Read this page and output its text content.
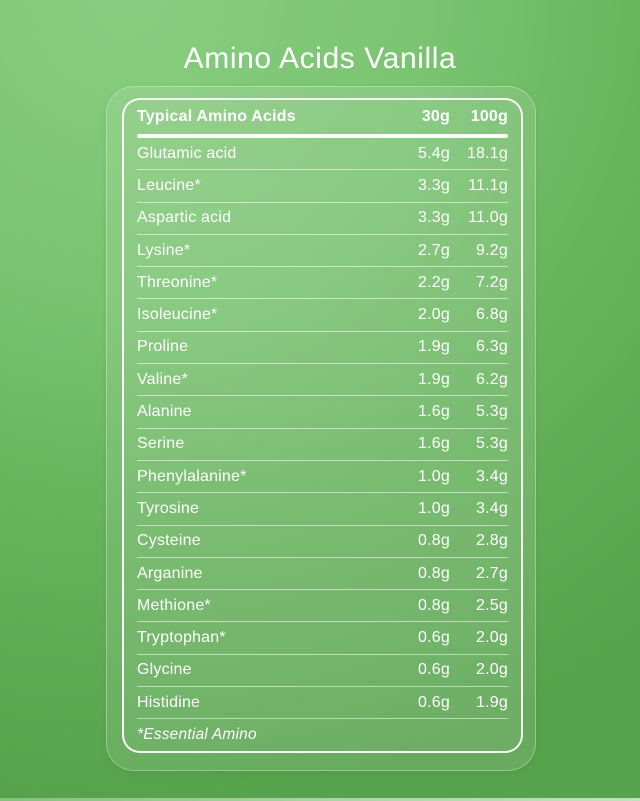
Amino Acids Vanilla
Typical Amino Acids	30g	100g
Glutamic acid	5.4g	18.1g
Leucine*	3.3g	11.1g
Aspartic acid	3.3g	11.0g
Lysine*	2.7g	9.2g
Threonine*	2.2g	7.2g
Isoleucine*	2.0g	6.8g
Proline	1.9g	6.3g
Valine*	1.9g	6.2g
Alanine	1.6g	5.3g
Serine	1.6g	5.3g
Phenylalanine*	1.0g	3.4g
Tyrosine	1.0g	3.4g
Cysteine	0.8g	2.8g
Arganine	0.8g	2.7g
Methione*	0.8g	2.5g
Tryptophan*	0.6g	2.0g
Glycine	0.6g	2.0g
Histidine	0.6g	1.9g
*Essential Amino
